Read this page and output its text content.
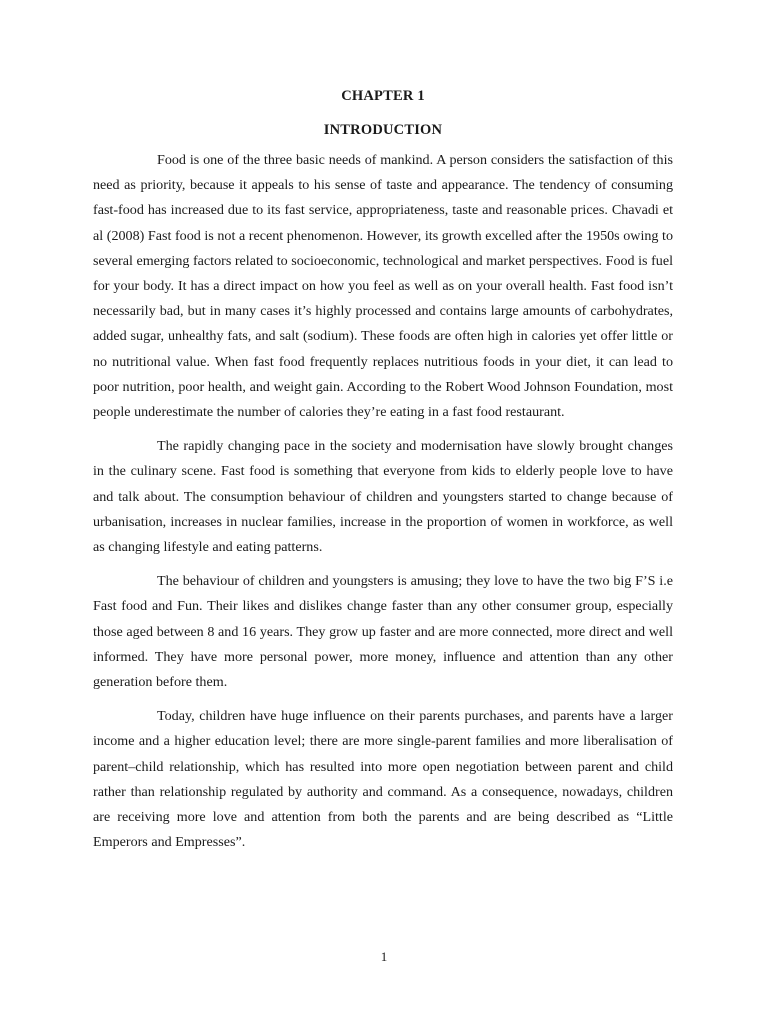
CHAPTER 1
INTRODUCTION

Food is one of the three basic needs of mankind. A person considers the satisfaction of this need as priority, because it appeals to his sense of taste and appearance. The tendency of consuming fast-food has increased due to its fast service, appropriateness, taste and reasonable prices. Chavadi et al (2008) Fast food is not a recent phenomenon. However, its growth excelled after the 1950s owing to several emerging factors related to socioeconomic, technological and market perspectives. Food is fuel for your body. It has a direct impact on how you feel as well as on your overall health. Fast food isn’t necessarily bad, but in many cases it’s highly processed and contains large amounts of carbohydrates, added sugar, unhealthy fats, and salt (sodium). These foods are often high in calories yet offer little or no nutritional value. When fast food frequently replaces nutritious foods in your diet, it can lead to poor nutrition, poor health, and weight gain. According to the Robert Wood Johnson Foundation, most people underestimate the number of calories they’re eating in a fast food restaurant.

The rapidly changing pace in the society and modernisation have slowly brought changes in the culinary scene. Fast food is something that everyone from kids to elderly people love to have and talk about. The consumption behaviour of children and youngsters started to change because of urbanisation, increases in nuclear families, increase in the proportion of women in workforce, as well as changing lifestyle and eating patterns.

The behaviour of children and youngsters is amusing; they love to have the two big F’S i.e Fast food and Fun. Their likes and dislikes change faster than any other consumer group, especially those aged between 8 and 16 years. They grow up faster and are more connected, more direct and well informed. They have more personal power, more money, influence and attention than any other generation before them.

Today, children have huge influence on their parents purchases, and parents have a larger income and a higher education level; there are more single-parent families and more liberalisation of parent–child relationship, which has resulted into more open negotiation between parent and child rather than relationship regulated by authority and command. As a consequence, nowadays, children are receiving more love and attention from both the parents and are being described as “Little Emperors and Empresses”.

1
